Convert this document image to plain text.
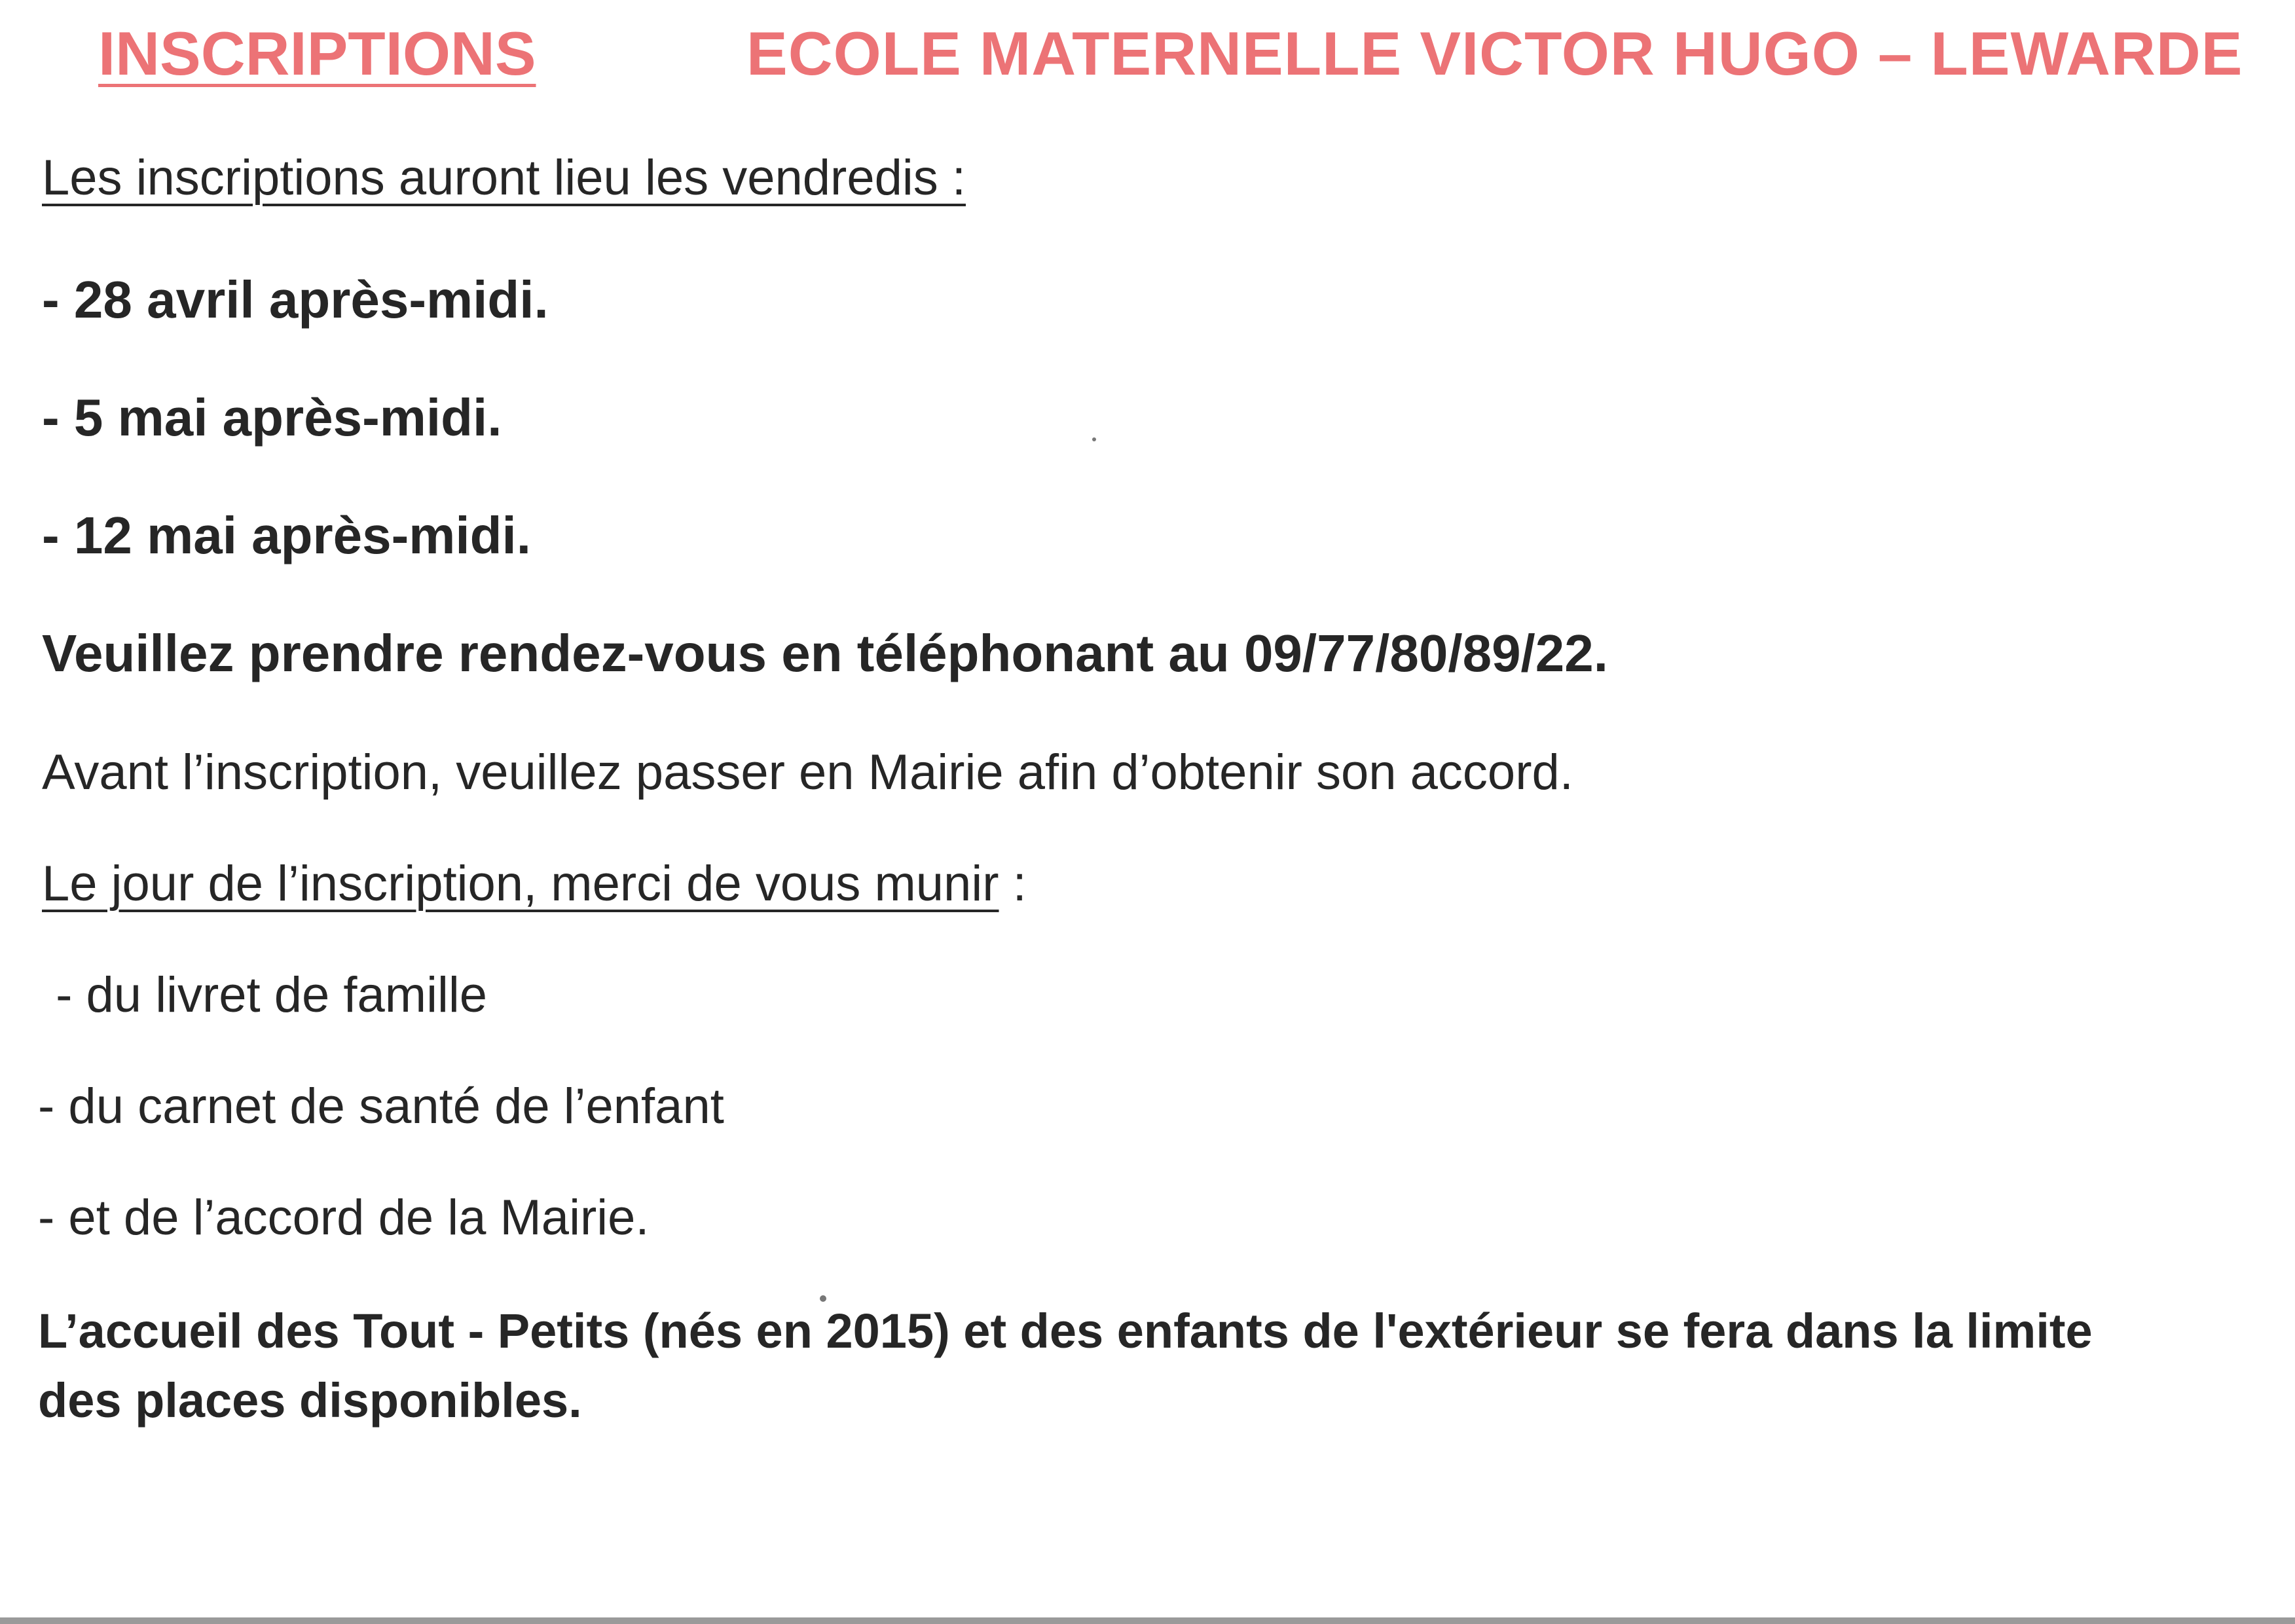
INSCRIPTIONS	ECOLE MATERNELLE VICTOR HUGO – LEWARDE

Les inscriptions auront lieu les vendredis :

- 28 avril après-midi.

- 5 mai après-midi.

- 12 mai après-midi.

Veuillez prendre rendez-vous en téléphonant au 09/77/80/89/22.

Avant l’inscription, veuillez passer en Mairie afin d’obtenir son accord.

Le jour de l’inscription, merci de vous munir :

- du livret de famille

- du carnet de santé de l’enfant

- et de l’accord de la Mairie.

L’accueil des Tout - Petits (nés en 2015) et des enfants de l'extérieur se fera dans la limite

des places disponibles.
